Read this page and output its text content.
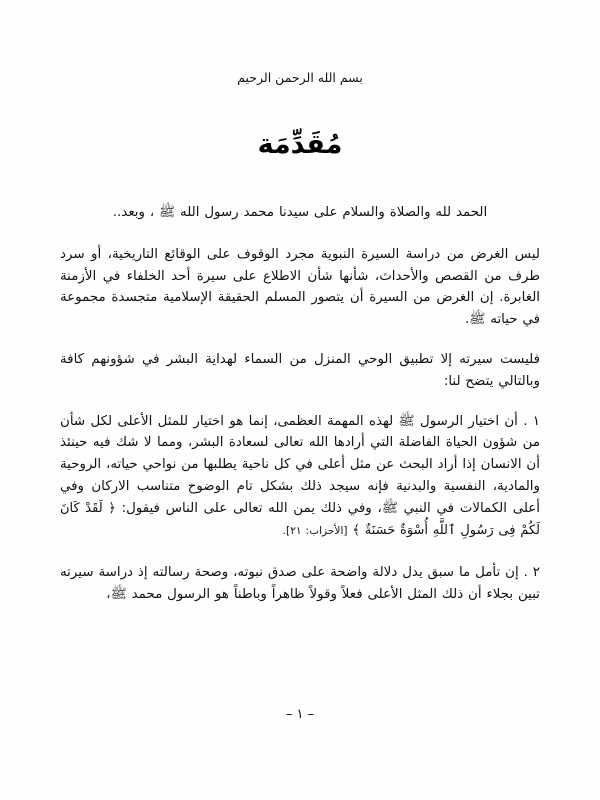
بسم الله الرحمن الرحيم
مُقَدِّمَة

الحمد لله والصلاة والسلام على سيدنا محمد رسول الله ﷺ ، وبعد..

ليس الغرض من دراسة السيرة النبوية مجرد الوقوف على الوقائع التاريخية، أو سرد طرف من القصص والأحداث، شأنها شأن الاطلاع على سيرة أحد الخلفاء في الأزمنة الغابرة. إن الغرض من السيرة أن يتصور المسلم الحقيقة الإسلامية متجسدة مجموعة في حياته ﷺ.

فليست سيرته إلا تطبيق الوحي المنزل من السماء لهداية البشر في شؤونهم كافة وبالتالي يتضح لنا:

١ . أن اختيار الرسول ﷺ لهذه المهمة العظمى، إنما هو اختيار للمثل الأعلى لكل شأن من شؤون الحياة الفاضلة التي أرادها الله تعالى لسعادة البشر، ومما لا شك فيه حينئذ أن الانسان إذا أراد البحث عن مثل أعلى في كل ناحية يطلبها من نواحي حياته، الروحية والمادية، النفسية والبدنية فإنه سيجد ذلك بشكل تام الوضوح متناسب الاركان وفي أعلى الكمالات في النبي ﷺ، وفي ذلك يمن الله تعالى على الناس فيقول: ﴿ لَقَدْ كَانَ لَكُمْ فِى رَسُولِ ٱللَّهِ أُسْوَةٌ حَسَنَةٌ ﴾ [الأحزاب: ٢١].

٢ . إن تأمل ما سبق يدل دلالة واضحة على صدق نبوته، وصحة رسالته إذ دراسة سيرته تبين بجلاء أن ذلك المثل الأعلى فعلاً وقولاً ظاهراً وباطناً هو الرسول محمد ﷺ،

– ١ –
